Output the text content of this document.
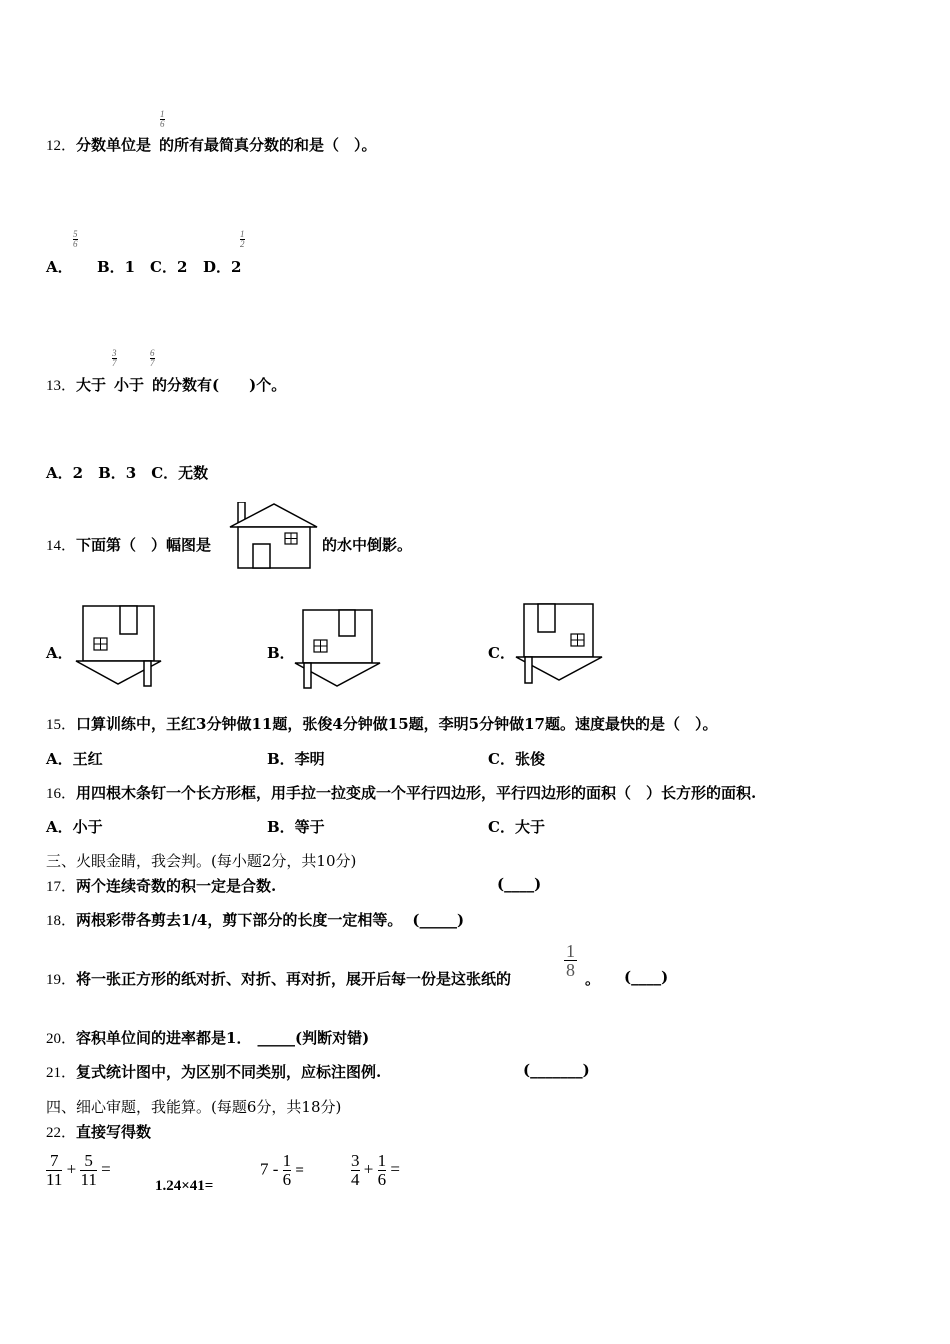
12．分数单位是 的所有最简真分数的和是（　）。
$\frac{1}{6}$
A．
$\frac{5}{6}$
B．1 C．2 D．2
$\frac{1}{2}$
13．大于 小于 的分数有(　　)个。
$\frac{3}{7}$	$\frac{6}{7}$
A．2　B．3　C．无数
14．下面第（　）幅图是	的水中倒影。
A．	B．	C．
15．口算训练中，王红3分钟做11题，张俊4分钟做15题，李明5分钟做17题。速度最快的是（　）。
A．王红	B．李明	C．张俊
16．用四根木条钉一个长方形框，用手拉一拉变成一个平行四边形，平行四边形的面积（　）长方形的面积.
A．小于	B．等于	C．大于
三、火眼金睛，我会判。(每小题2分，共10分)
17．两个连续奇数的积一定是合数.	(____)
18．两根彩带各剪去1/4，剪下部分的长度一定相等。 (_____)
19．将一张正方形的纸对折、对折、再对折，展开后每一份是这张纸的	$\frac{1}{8}$ 。 (____)
20．容积单位间的进率都是1． _____(判断对错)
21．复式统计图中，为区别不同类别，应标注图例.	(_______)
四、细心审题，我能算。(每题6分，共18分)
22．直接写得数
$\frac{7}{11} + \frac{5}{11}$ =
1.24×41=
$7 - \frac{1}{6}$ =	$\frac{3}{4} + \frac{1}{6}$ =
